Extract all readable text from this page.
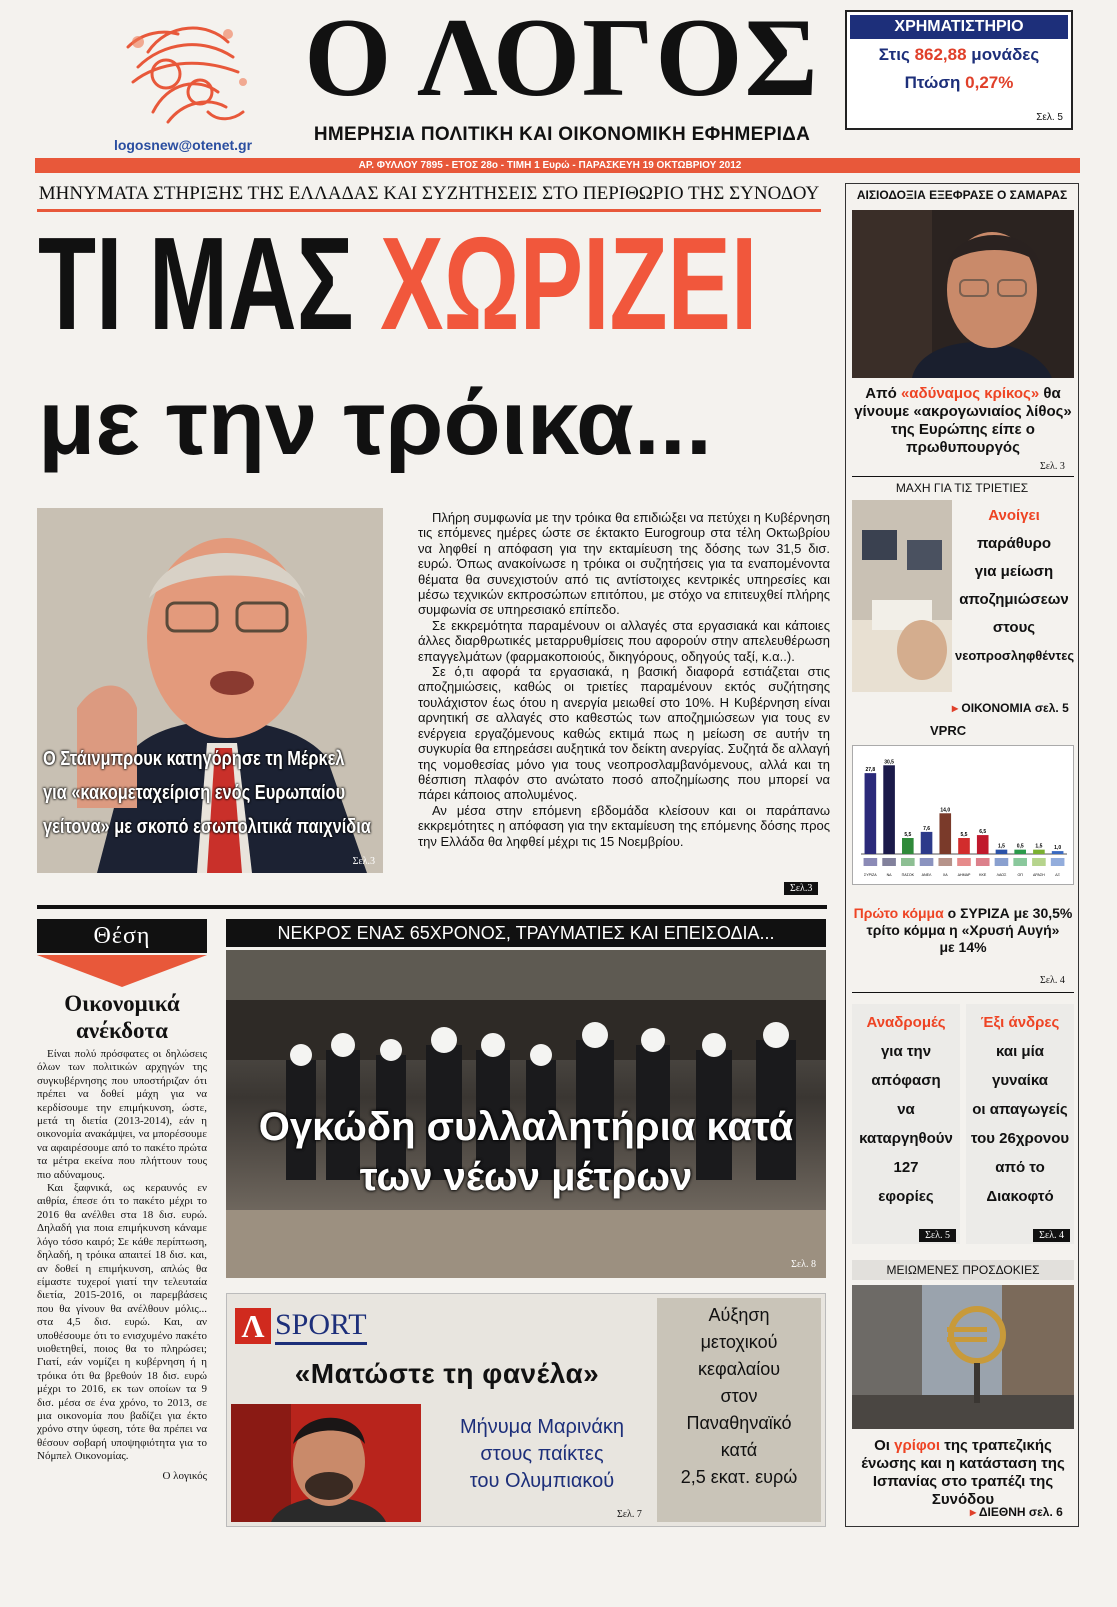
logosnew@otenet.gr
Ο ΛΟΓΟΣ
ΗΜΕΡΗΣΙΑ ΠΟΛΙΤΙΚΗ ΚΑΙ ΟΙΚΟΝΟΜΙΚΗ ΕΦΗΜΕΡΙΔΑ
ΧΡΗΜΑΤΙΣΤΗΡΙΟ
Στις 862,88 μονάδες
Πτώση 0,27%
Σελ. 5
ΑΡ. ΦΥΛΛΟΥ 7895 - ΕΤΟΣ 28ο - ΤΙΜΗ 1 Ευρώ - ΠΑΡΑΣΚΕΥΗ 19 ΟΚΤΩΒΡΙΟΥ 2012
ΜΗΝΥΜΑΤΑ ΣΤΗΡΙΞΗΣ ΤΗΣ ΕΛΛΑΔΑΣ ΚΑΙ ΣΥΖΗΤΗΣΕΙΣ ΣΤΟ ΠΕΡΙΘΩΡΙΟ ΤΗΣ ΣΥΝΟΔΟΥ
ΤΙ ΜΑΣ ΧΩΡΙΖΕΙ
με την τρόικα...
Ο Στάινμπρουκ κατηγόρησε τη Μέρκελ
για «κακομεταχείριση ενός Ευρωπαίου
γείτονα» με σκοπό εσωπολιτικά παιχνίδια
Σελ.3

Πλήρη συμφωνία με την τρόικα θα επιδιώξει να πετύχει η Κυβέρνηση τις επόμενες ημέρες ώστε σε έκτακτο Eurogroup στα τέλη Οκτωβρίου να ληφθεί η απόφαση για την εκταμίευση της δόσης των 31,5 δισ. ευρώ. Όπως ανακοίνωσε η τρόικα οι συζητήσεις για τα εναπομένοντα θέματα θα συνεχιστούν από τις αντίστοιχες κεντρικές υπηρεσίες και μέσω τεχνικών εκπροσώπων επιτόπου, με στόχο να επιτευχθεί πλήρης συμφωνία σε υπηρεσιακό επίπεδο.

Σε εκκρεμότητα παραμένουν οι αλλαγές στα εργασιακά και κάποιες άλλες διαρθρωτικές μεταρρυθμίσεις που αφορούν στην απελευθέρωση επαγγελμάτων (φαρμακοποιούς, δικηγόρους, οδηγούς ταξί, κ.α..).

Σε ό,τι αφορά τα εργασιακά, η βασική διαφορά εστιάζεται στις αποζημιώσεις, καθώς οι τριετίες παραμένουν εκτός συζήτησης τουλάχιστον έως ότου η ανεργία μειωθεί στο 10%. Η Κυβέρνηση είναι αρνητική σε αλλαγές στο καθεστώς των αποζημιώσεων για τους εν ενέργεια εργαζόμενους καθώς εκτιμά πως η μείωση σε αυτήν τη συγκυρία θα επηρεάσει αυξητικά τον δείκτη ανεργίας. Συζητά δε αλλαγή της νομοθεσίας μόνο για τους νεοπροσλαμβανόμενους, αλλά και τη θέσπιση πλαφόν στο ανώτατο ποσό αποζημίωσης που μπορεί να πάρει κάποιος απολυμένος.

Αν μέσα στην επόμενη εβδομάδα κλείσουν και οι παράπανω εκκρεμότητες η απόφαση για την εκταμίευση της επόμενης δόσης προς την Ελλάδα θα ληφθεί μέχρι τις 15 Νοεμβρίου.

Σελ.3
ΑΙΣΙΟΔΟΞΙΑ ΕΞΕΦΡΑΣΕ Ο ΣΑΜΑΡΑΣ
Από «αδύναμος κρίκος» θα γίνουμε «ακρογωνιαίος λίθος» της Ευρώπης είπε ο πρωθυπουργός
Σελ. 3
ΜΑΧΗ ΓΙΑ ΤΙΣ ΤΡΙΕΤΙΕΣ
Ανοίγει
παράθυρο
για μείωση
αποζημιώσεων
στους
νεοπροσληφθέντες
▸ ΟΙΚΟΝΟΜΙΑ σελ. 5
VPRC
27,8
ΣΥΡΙΖΑ
30,5
ΝΔ
5,5
ΠΑΣΟΚ
7,6
ΑΝΕΛ
14,0
ΧΑ
5,5
ΔΗΜΑΡ
6,5
ΚΚΕ
1,5
ΛΑΟΣ
0,5
ΟΠ
1,5
ΔΡΑΣΗ
1,0
ΔΞ
Πρώτο κόμμα ο ΣΥΡΙΖΑ με 30,5%
τρίτο κόμμα η «Χρυσή Αυγή»
με 14%
Σελ. 4
Αναδρομές
για την
απόφαση
να
καταργηθούν
127
εφορίες
Σελ. 5
Έξι άνδρες
και μία
γυναίκα
οι απαγωγείς
του 26χρονου
από το
Διακοφτό
Σελ. 4
ΜΕΙΩΜΕΝΕΣ ΠΡΟΣΔΟΚΙΕΣ
Οι γρίφοι της τραπεζικής ένωσης και η κατάσταση της Ισπανίας στο τραπέζι της Συνόδου
▸ ΔΙΕΘΝΗ σελ. 6
Θέση
Οικονομικά ανέκδοτα

Είναι πολύ πρόσφατες οι δηλώσεις όλων των πολιτικών αρχηγών της συγκυβέρνησης που υποστήριζαν ότι πρέπει να δοθεί μάχη για να κερδίσουμε την επιμήκυνση, ώστε, μετά τη διετία (2013-2014), εάν η οικονομία ανακάμψει, να μπορέσουμε να αφαιρέσουμε από το πακέτο πρώτα τα μέτρα εκείνα που πλήττουν τους πιο αδύναμους.

Και ξαφνικά, ως κεραυνός εν αιθρία, έπεσε ότι το πακέτο μέχρι το 2016 θα ανέλθει στα 18 δισ. ευρώ. Δηλαδή για ποια επιμήκυνση κάναμε λόγο τόσο καιρό; Σε κάθε περίπτωση, δηλαδή, η τρόικα απαιτεί 18 δισ. και, αν δοθεί η επιμήκυνση, απλώς θα είμαστε τυχεροί γιατί την τελευταία διετία, 2015-2016, οι παρεμβάσεις που θα γίνουν θα ανέλθουν μόλις... στα 4,5 δισ. ευρώ. Και, αν υποθέσουμε ότι το ενισχυμένο πακέτο υιοθετηθεί, ποιος θα το πληρώσει; Γιατί, εάν νομίζει η κυβέρνηση ή η τρόικα ότι θα βρεθούν 18 δισ. ευρώ μέχρι το 2016, εκ των οποίων τα 9 δισ. μέσα σε ένα χρόνο, το 2013, σε μια οικονομία που βαδίζει για έκτο χρόνο στην ύφεση, τότε θα πρέπει να θέσουν σοβαρή υποψηφιότητα για το Νόμπελ Οικονομίας.

Ο λογικός

ΝΕΚΡΟΣ ΕΝΑΣ 65ΧΡΟΝΟΣ, ΤΡΑΥΜΑΤΙΕΣ ΚΑΙ ΕΠΕΙΣΟΔΙΑ...
Ογκώδη συλλαλητήρια κατά
των νέων μέτρων
Σελ. 8
Λ SPORT
«Ματώστε τη φανέλα»
Μήνυμα Μαρινάκη
στους παίκτες
του Ολυμπιακού
Σελ. 7
Αύξηση
μετοχικού
κεφαλαίου
στον
Παναθηναϊκό
κατά
2,5 εκατ. ευρώ
